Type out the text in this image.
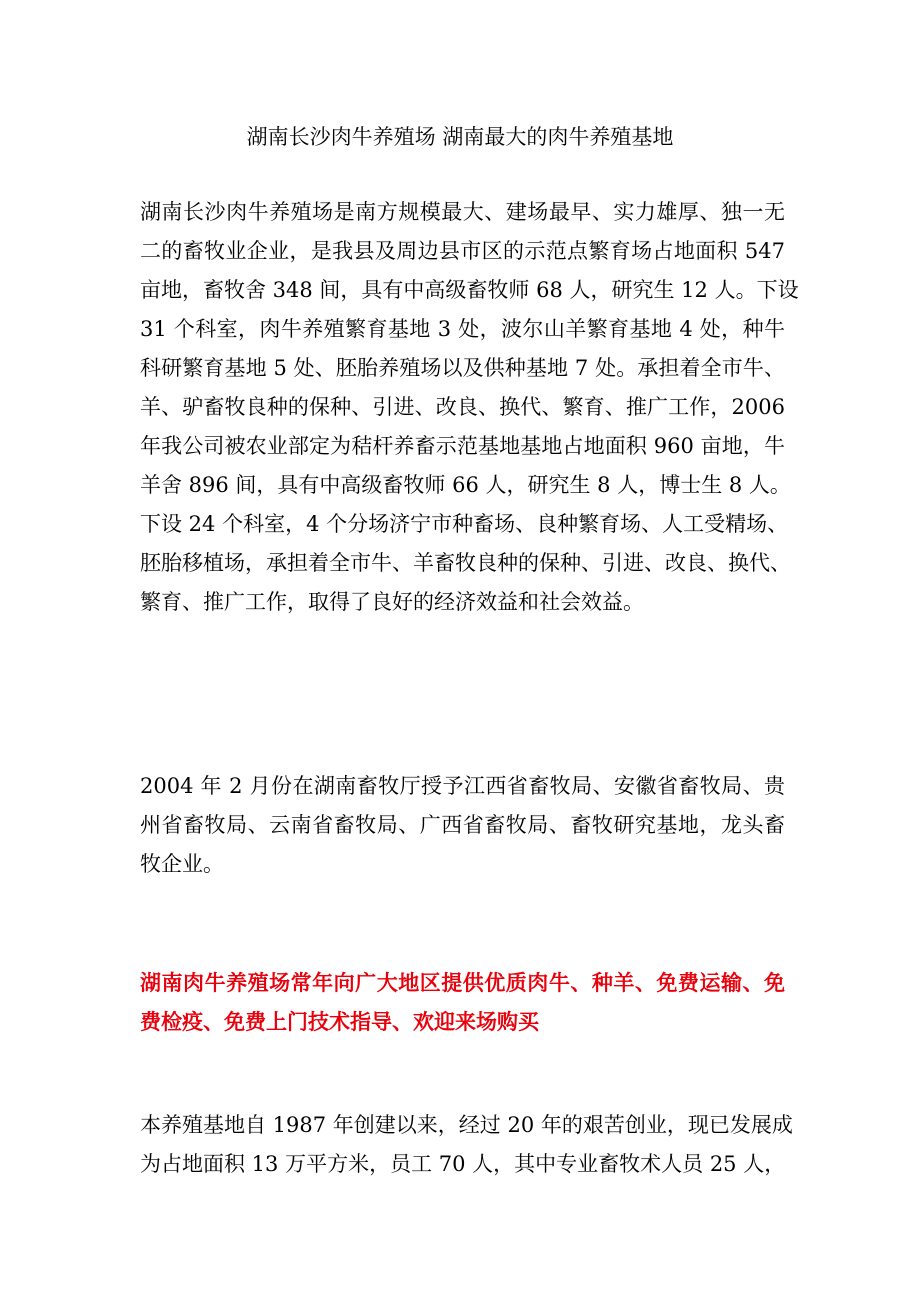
湖南长沙肉牛养殖场 湖南最大的肉牛养殖基地
湖南长沙肉牛养殖场是南方规模最大、建场最早、实力雄厚、独一无
二的畜牧业企业，是我县及周边县市区的示范点繁育场占地面积 547
亩地，畜牧舍 348 间，具有中高级畜牧师 68 人，研究生 12 人。下设
31 个科室，肉牛养殖繁育基地 3 处，波尔山羊繁育基地 4 处，种牛
科研繁育基地 5 处、胚胎养殖场以及供种基地 7 处。承担着全市牛、
羊、驴畜牧良种的保种、引进、改良、换代、繁育、推广工作，2006
年我公司被农业部定为秸杆养畜示范基地基地占地面积 960 亩地，牛
羊舍 896 间，具有中高级畜牧师 66 人，研究生 8 人，博士生 8 人。
下设 24 个科室，4 个分场济宁市种畜场、良种繁育场、人工受精场、
胚胎移植场，承担着全市牛、羊畜牧良种的保种、引进、改良、换代、
繁育、推广工作，取得了良好的经济效益和社会效益。
2004 年 2 月份在湖南畜牧厅授予江西省畜牧局、安徽省畜牧局、贵
州省畜牧局、云南省畜牧局、广西省畜牧局、畜牧研究基地，龙头畜
牧企业。
湖南肉牛养殖场常年向广大地区提供优质肉牛、种羊、免费运输、免
费检疫、免费上门技术指导、欢迎来场购买
本养殖基地自 1987 年创建以来，经过 20 年的艰苦创业，现已发展成
为占地面积 13 万平方米，员工 70 人，其中专业畜牧术人员 25 人，
